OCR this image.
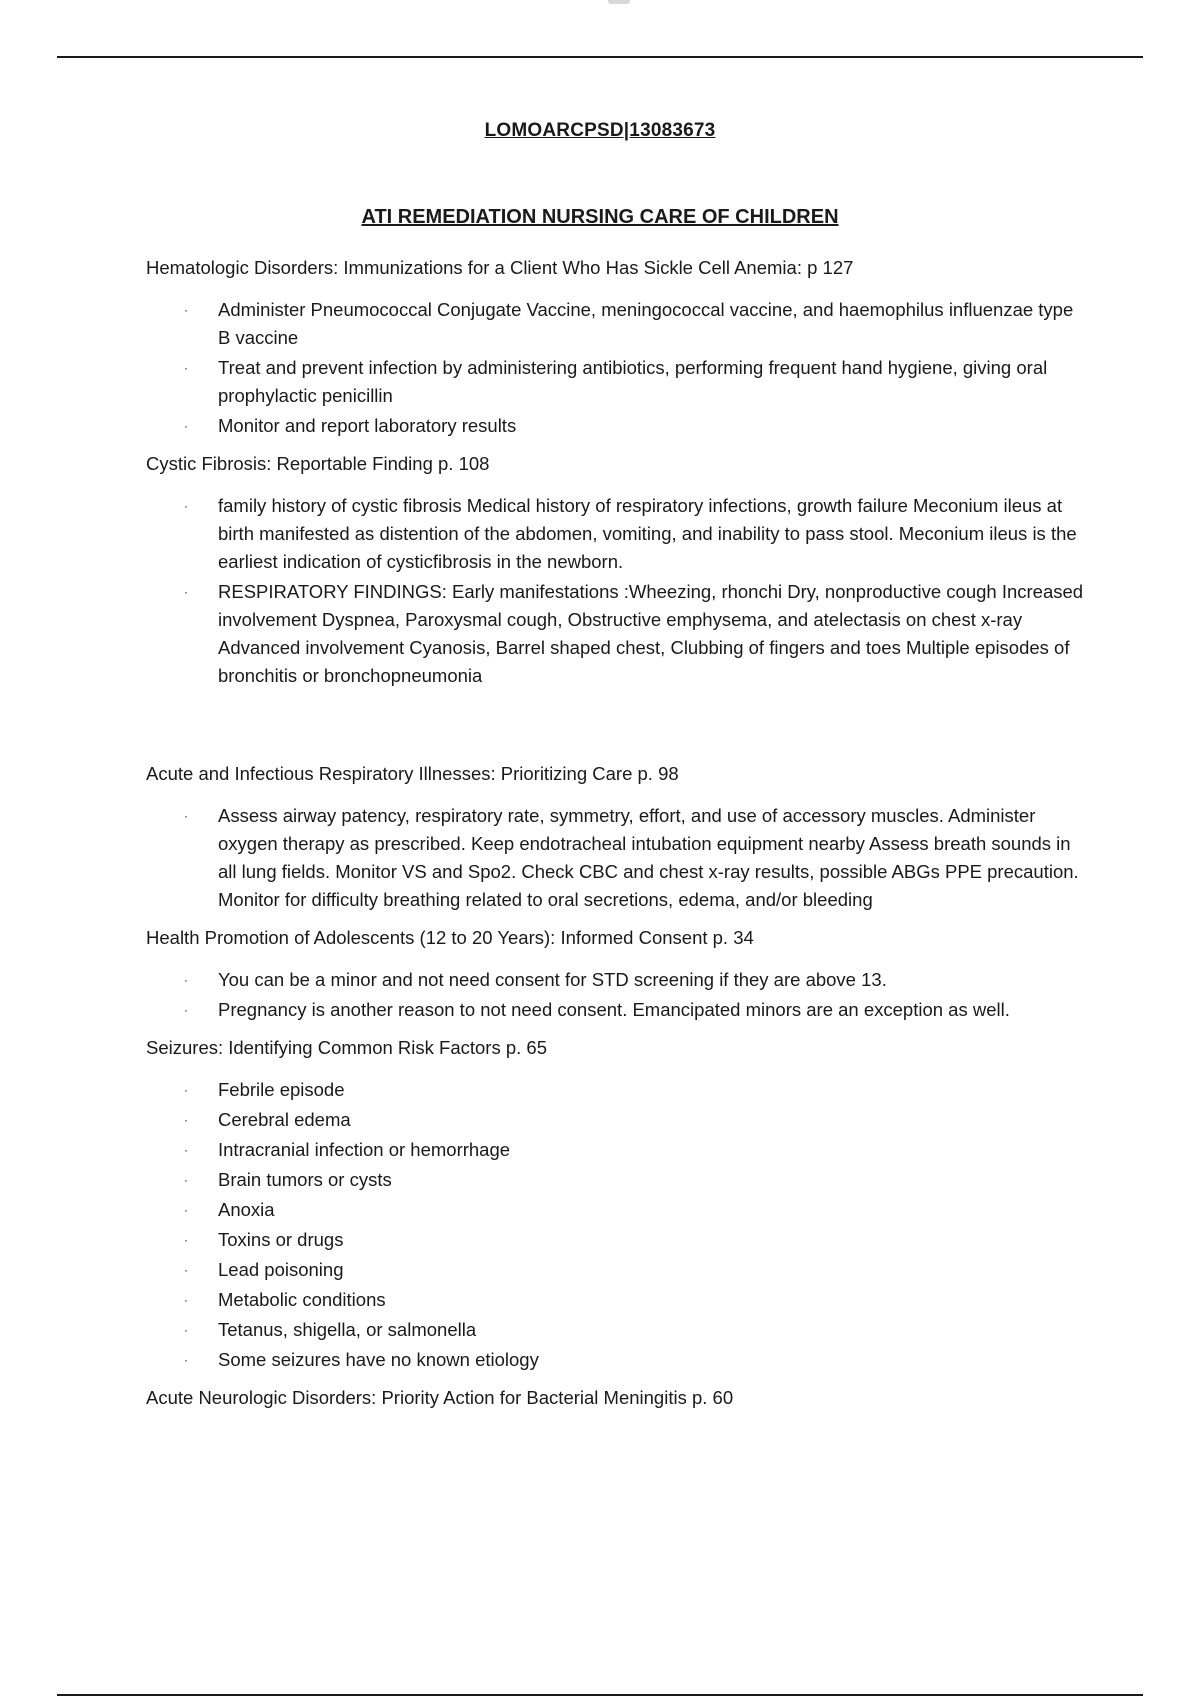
LOMOARCPSD|13083673
ATI REMEDIATION NURSING CARE OF CHILDREN
Hematologic Disorders: Immunizations for a Client Who Has Sickle Cell Anemia: p 127
· Administer Pneumococcal Conjugate Vaccine, meningococcal vaccine, and haemophilus influenzae type B vaccine
· Treat and prevent infection by administering antibiotics, performing frequent hand hygiene, giving oral prophylactic penicillin
· Monitor and report laboratory results
Cystic Fibrosis: Reportable Finding p. 108
· family history of cystic fibrosis Medical history of respiratory infections, growth failure Meconium ileus at birth manifested as distention of the abdomen, vomiting, and inability to pass stool. Meconium ileus is the earliest indication of cysticfibrosis in the newborn.
· RESPIRATORY FINDINGS: Early manifestations :Wheezing, rhonchi Dry, nonproductive cough Increased involvement Dyspnea, Paroxysmal cough, Obstructive emphysema, and atelectasis on chest x-ray Advanced involvement Cyanosis, Barrel shaped chest, Clubbing of fingers and toes Multiple episodes of bronchitis or bronchopneumonia
Acute and Infectious Respiratory Illnesses: Prioritizing Care p. 98
· Assess airway patency, respiratory rate, symmetry, effort, and use of accessory muscles. Administer oxygen therapy as prescribed. Keep endotracheal intubation equipment nearby Assess breath sounds in all lung fields. Monitor VS and Spo2. Check CBC and chest x-ray results, possible ABGs PPE precaution. Monitor for difficulty breathing related to oral secretions, edema, and/or bleeding
Health Promotion of Adolescents (12 to 20 Years): Informed Consent p. 34
· You can be a minor and not need consent for STD screening if they are above 13.
· Pregnancy is another reason to not need consent. Emancipated minors are an exception as well.
Seizures: Identifying Common Risk Factors p. 65
· Febrile episode
· Cerebral edema
· Intracranial infection or hemorrhage
· Brain tumors or cysts
· Anoxia
· Toxins or drugs
· Lead poisoning
· Metabolic conditions
· Tetanus, shigella, or salmonella
· Some seizures have no known etiology
Acute Neurologic Disorders: Priority Action for Bacterial Meningitis p. 60
